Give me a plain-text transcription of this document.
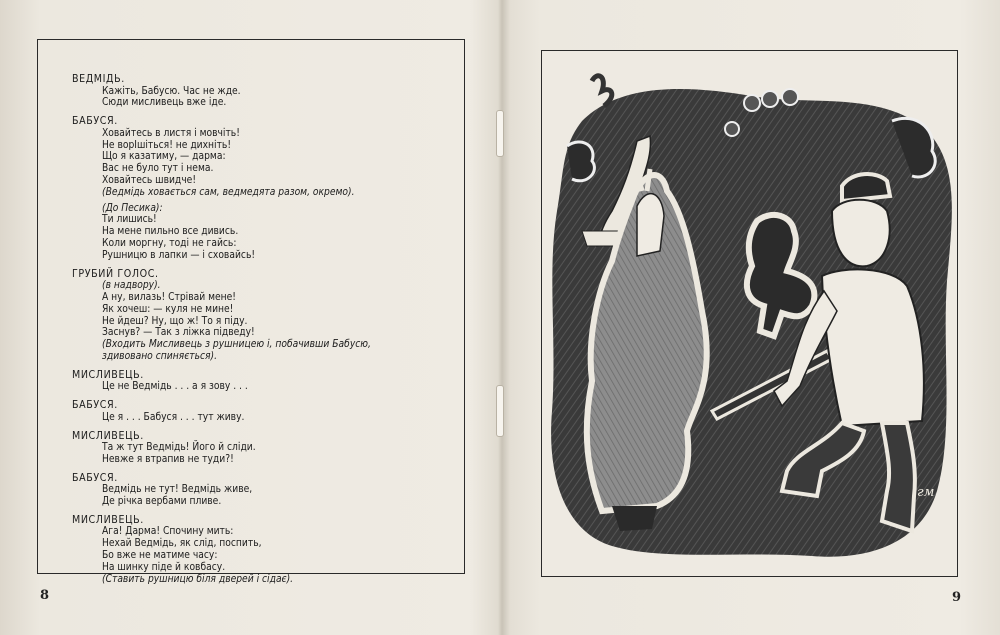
ВЕДМІДЬ.
Кажіть, Бабусю. Час не жде.
Сюди мисливець вже іде.
БАБУСЯ.
Ховайтесь в листя і мовчіть!
Не ворІшіться! не дихніть!
Що я казатиму, — дарма:
Вас не було тут і нема.
Ховайтесь швидче!
(Ведмідь ховається сам, ведмедята разом, окремо).
(До Песика):
Ти лишись!
На мене пильно все дивись.
Коли моргну, тоді не гайсь:
Рушницю в лапки — і сховайсь!
ГРУБИЙ ГОЛОС.
(в надвору).
А ну, вилазь! Стрівай мене!
Як хочеш: — куля не мине!
Не йдеш? Ну, що ж! То я піду.
Заснув? — Так з ліжка підведу!
(Входить Мисливець з рушницею і, побачивши Бабусю, здивовано спиняється).
МИСЛИВЕЦЬ.
Це не Ведмідь . . . а я зову . . .
БАБУСЯ.
Це я . . . Бабуся . . . тут живу.
МИСЛИВЕЦЬ.
Та ж тут Ведмідь! Його й сліди.
Невже я втрапив не туди?!
БАБУСЯ.
Ведмідь не тут! Ведмідь живе,
Де річка вербами пливе.
МИСЛИВЕЦЬ.
Ага! Дарма! Спочину мить:
Нехай Ведмідь, як слід, поспить,
Бо вже не матиме часу:
На шинку піде й ковбасу.
(Ставить рушницю біля дверей і сідає).
8
гм
9
